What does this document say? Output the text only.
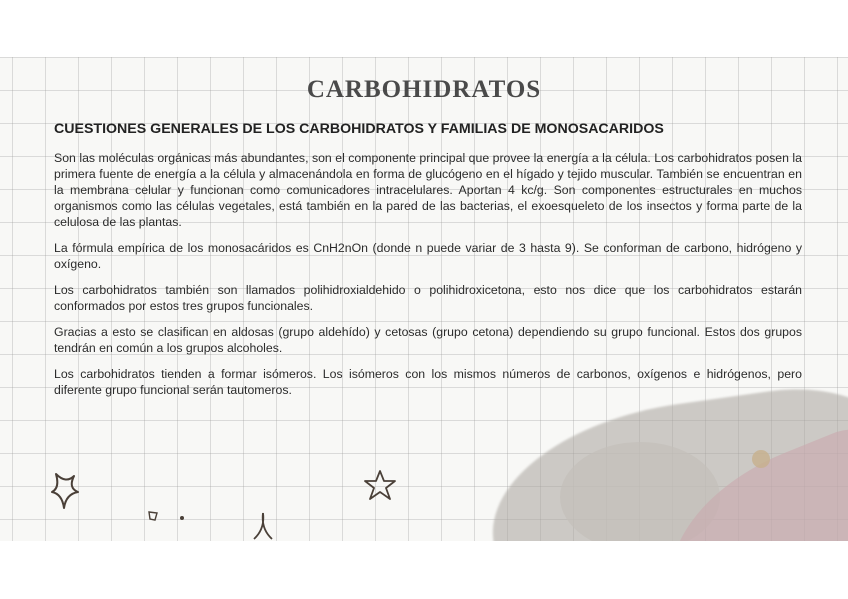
CARBOHIDRATOS
CUESTIONES GENERALES DE LOS CARBOHIDRATOS Y FAMILIAS DE MONOSACARIDOS

Son las moléculas orgánicas más abundantes, son el componente principal que provee la energía a la célula. Los carbohidratos posen la primera fuente de energía a la célula y almacenándola en forma de glucógeno en el hígado y tejido muscular. También se encuentran en la membrana celular y funcionan como comunicadores intracelulares. Aportan 4 kc/g. Son componentes estructurales en muchos organismos como las células vegetales, está también en la pared de las bacterias, el exoesqueleto de los insectos y forma parte de la celulosa de las plantas.

La fórmula empírica de los monosacáridos es CnH2nOn (donde n puede variar de 3 hasta 9). Se conforman de carbono, hidrógeno y oxígeno.

Los carbohidratos también son llamados polihidroxialdehido o polihidroxicetona, esto nos dice que los carbohidratos estarán conformados por estos tres grupos funcionales.

Gracias a esto se clasifican en aldosas (grupo aldehído) y cetosas (grupo cetona) dependiendo su grupo funcional. Estos dos grupos tendrán en común a los grupos alcoholes.

Los carbohidratos tienden a formar isómeros. Los isómeros con los mismos números de carbonos, oxígenos e hidrógenos, pero diferente grupo funcional serán tautomeros.
